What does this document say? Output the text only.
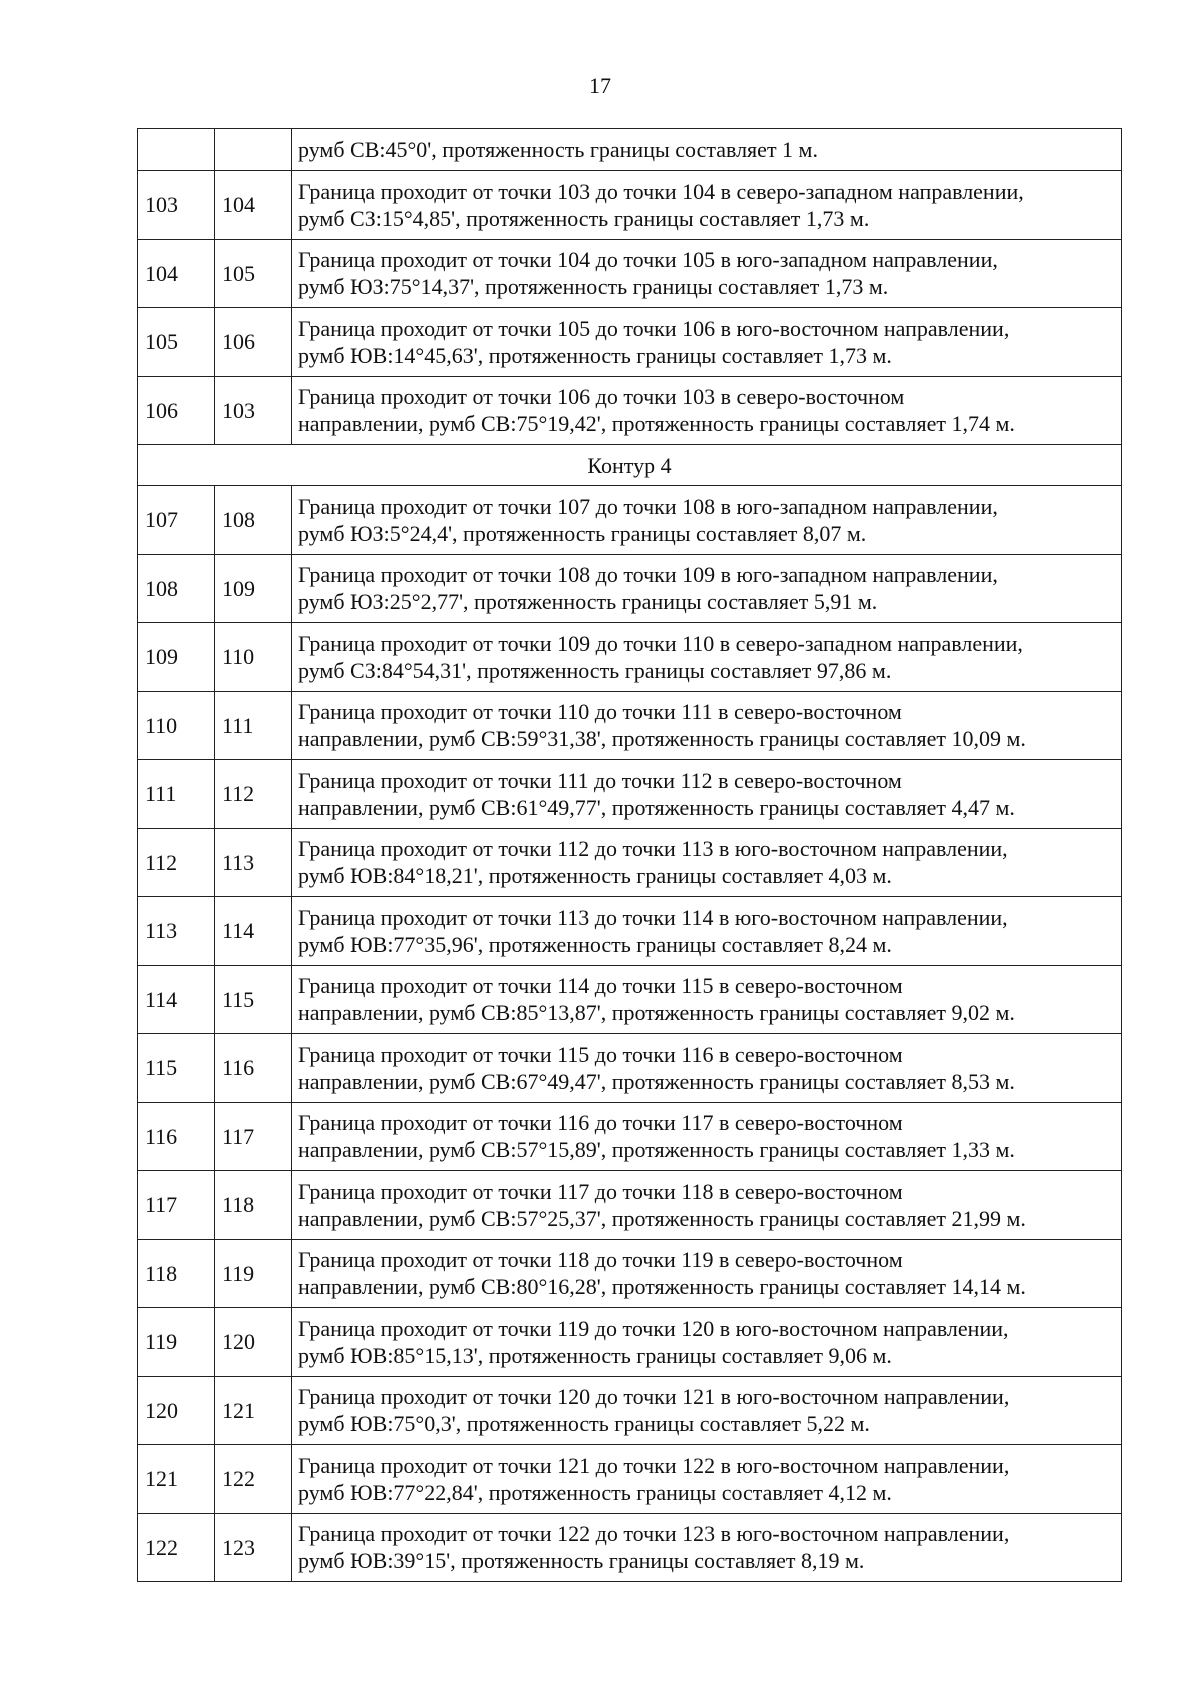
17
		румб СВ:45°0', протяженность границы составляет 1 м.
103	104	Граница проходит от точки 103 до точки 104 в северо-западном направлении,
румб СЗ:15°4,85', протяженность границы составляет 1,73 м.

104	105	Граница проходит от точки 104 до точки 105 в юго-западном направлении,
румб ЮЗ:75°14,37', протяженность границы составляет 1,73 м.

105	106	Граница проходит от точки 105 до точки 106 в юго-восточном направлении,
румб ЮВ:14°45,63', протяженность границы составляет 1,73 м.

106	103	Граница проходит от точки 106 до точки 103 в северо-восточном
направлении, румб СВ:75°19,42', протяженность границы составляет 1,74 м.

Контур 4		
107	108	Граница проходит от точки 107 до точки 108 в юго-западном направлении,
румб ЮЗ:5°24,4', протяженность границы составляет 8,07 м.

108	109	Граница проходит от точки 108 до точки 109 в юго-западном направлении,
румб ЮЗ:25°2,77', протяженность границы составляет 5,91 м.

109	110	Граница проходит от точки 109 до точки 110 в северо-западном направлении,
румб СЗ:84°54,31', протяженность границы составляет 97,86 м.

110	111	Граница проходит от точки 110 до точки 111 в северо-восточном
направлении, румб СВ:59°31,38', протяженность границы составляет 10,09 м.

111	112	Граница проходит от точки 111 до точки 112 в северо-восточном
направлении, румб СВ:61°49,77', протяженность границы составляет 4,47 м.

112	113	Граница проходит от точки 112 до точки 113 в юго-восточном направлении,
румб ЮВ:84°18,21', протяженность границы составляет 4,03 м.

113	114	Граница проходит от точки 113 до точки 114 в юго-восточном направлении,
румб ЮВ:77°35,96', протяженность границы составляет 8,24 м.

114	115	Граница проходит от точки 114 до точки 115 в северо-восточном
направлении, румб СВ:85°13,87', протяженность границы составляет 9,02 м.

115	116	Граница проходит от точки 115 до точки 116 в северо-восточном
направлении, румб СВ:67°49,47', протяженность границы составляет 8,53 м.

116	117	Граница проходит от точки 116 до точки 117 в северо-восточном
направлении, румб СВ:57°15,89', протяженность границы составляет 1,33 м.

117	118	Граница проходит от точки 117 до точки 118 в северо-восточном
направлении, румб СВ:57°25,37', протяженность границы составляет 21,99 м.

118	119	Граница проходит от точки 118 до точки 119 в северо-восточном
направлении, румб СВ:80°16,28', протяженность границы составляет 14,14 м.

119	120	Граница проходит от точки 119 до точки 120 в юго-восточном направлении,
румб ЮВ:85°15,13', протяженность границы составляет 9,06 м.

120	121	Граница проходит от точки 120 до точки 121 в юго-восточном направлении,
румб ЮВ:75°0,3', протяженность границы составляет 5,22 м.

121	122	Граница проходит от точки 121 до точки 122 в юго-восточном направлении,
румб ЮВ:77°22,84', протяженность границы составляет 4,12 м.

122	123	Граница проходит от точки 122 до точки 123 в юго-восточном направлении,
румб ЮВ:39°15', протяженность границы составляет 8,19 м.
